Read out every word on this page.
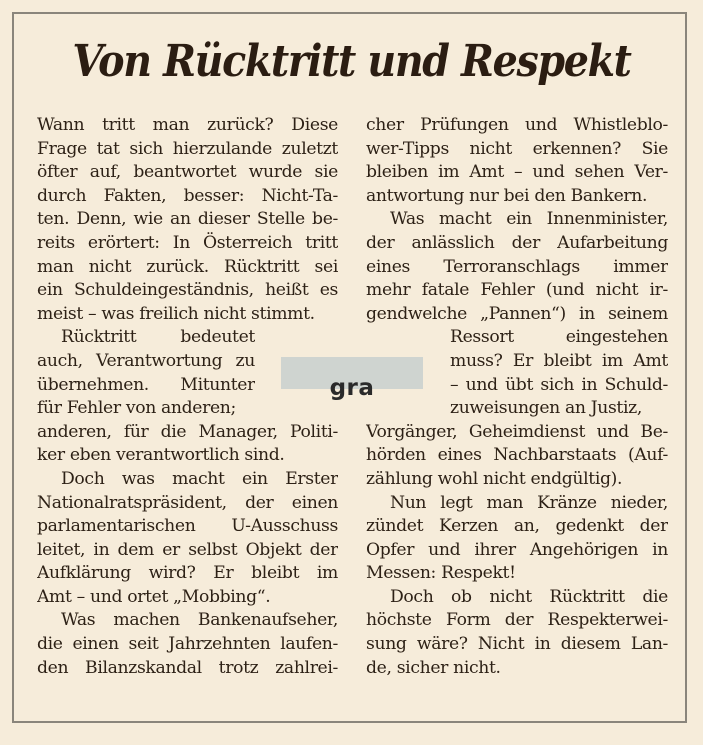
Von Rücktritt und Respekt
Wann tritt man zurück? Diese
Frage tat sich hierzulande zuletzt
öfter auf, beantwortet wurde sie
durch Fakten, besser: Nicht-Ta-
ten. Denn, wie an dieser Stelle be-
reits erörtert: In Österreich tritt
man nicht zurück. Rücktritt sei
ein Schuldeingeständnis, heißt es
meist – was freilich nicht stimmt.
Rücktritt bedeutet
auch, Verantwortung zu
übernehmen. Mitunter
für Fehler von anderen;
anderen, für die Manager, Politi-
ker eben verantwortlich sind.
Doch was macht ein Erster
Nationalratspräsident, der einen
parlamentarischen U-Ausschuss
leitet, in dem er selbst Objekt der
Aufklärung wird? Er bleibt im
Amt – und ortet „Mobbing“.
Was machen Bankenaufseher,
die einen seit Jahrzehnten laufen-
den Bilanzskandal trotz zahlrei-
cher Prüfungen und Whistleblo-
wer-Tipps nicht erkennen? Sie
bleiben im Amt – und sehen Ver-
antwortung nur bei den Bankern.
Was macht ein Innenminister,
der anlässlich der Aufarbeitung
eines Terroranschlags immer
mehr fatale Fehler (und nicht ir-
gendwelche „Pannen“) in seinem
Ressort eingestehen
muss? Er bleibt im Amt
– und übt sich in Schuld-
zuweisungen an Justiz,
Vorgänger, Geheimdienst und Be-
hörden eines Nachbarstaats (Auf-
zählung wohl nicht endgültig).
Nun legt man Kränze nieder,
zündet Kerzen an, gedenkt der
Opfer und ihrer Angehörigen in
Messen: Respekt!
Doch ob nicht Rücktritt die
höchste Form der Respekterwei-
sung wäre? Nicht in diesem Lan-
de, sicher nicht.
gra
